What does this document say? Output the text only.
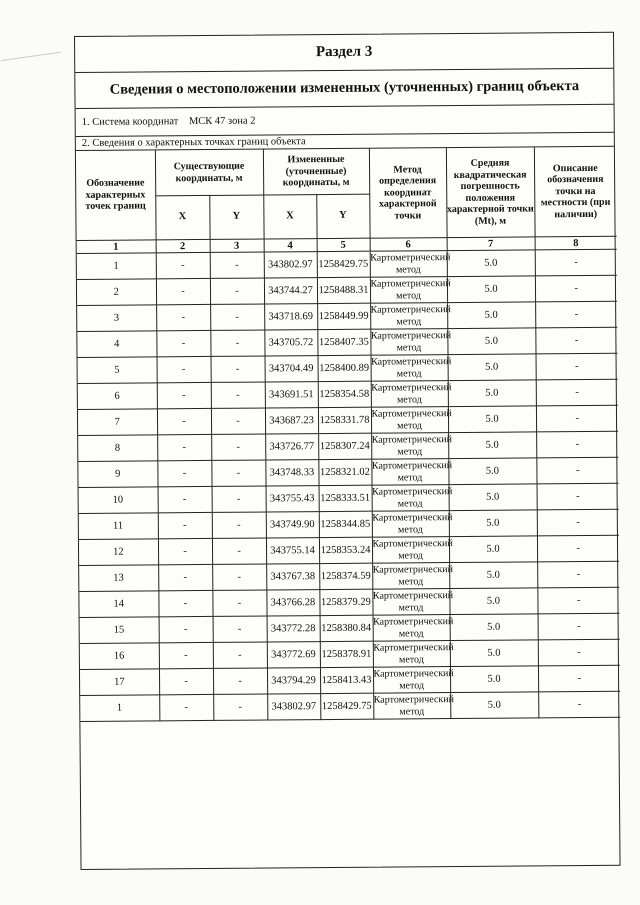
Раздел 3
Сведения о местоположении измененных (уточненных) границ объекта
1. Система координат МСК 47 зона 2
2. Сведения о характерных точках границ объекта
Обозначение характерных точек границ	Существующие координаты, м		Измененные (уточненные) координаты, м		Метод определения координат характерной точки	Средняя квадратическая погрешность положения характерной точки (Mt), м	Описание обозначения точки на местности (при наличии)
	X	Y	X	Y			
1	2	3	4	5	6	7	8
1	-	-	343802.97	1258429.75	Картометрический метод	5.0	-
2	-	-	343744.27	1258488.31	Картометрический метод	5.0	-
3	-	-	343718.69	1258449.99	Картометрический метод	5.0	-
4	-	-	343705.72	1258407.35	Картометрический метод	5.0	-
5	-	-	343704.49	1258400.89	Картометрический метод	5.0	-
6	-	-	343691.51	1258354.58	Картометрический метод	5.0	-
7	-	-	343687.23	1258331.78	Картометрический метод	5.0	-
8	-	-	343726.77	1258307.24	Картометрический метод	5.0	-
9	-	-	343748.33	1258321.02	Картометрический метод	5.0	-
10	-	-	343755.43	1258333.51	Картометрический метод	5.0	-
11	-	-	343749.90	1258344.85	Картометрический метод	5.0	-
12	-	-	343755.14	1258353.24	Картометрический метод	5.0	-
13	-	-	343767.38	1258374.59	Картометрический метод	5.0	-
14	-	-	343766.28	1258379.29	Картометрический метод	5.0	-
15	-	-	343772.28	1258380.84	Картометрический метод	5.0	-
16	-	-	343772.69	1258378.91	Картометрический метод	5.0	-
17	-	-	343794.29	1258413.43	Картометрический метод	5.0	-
1	-	-	343802.97	1258429.75	Картометрический метод	5.0	-
